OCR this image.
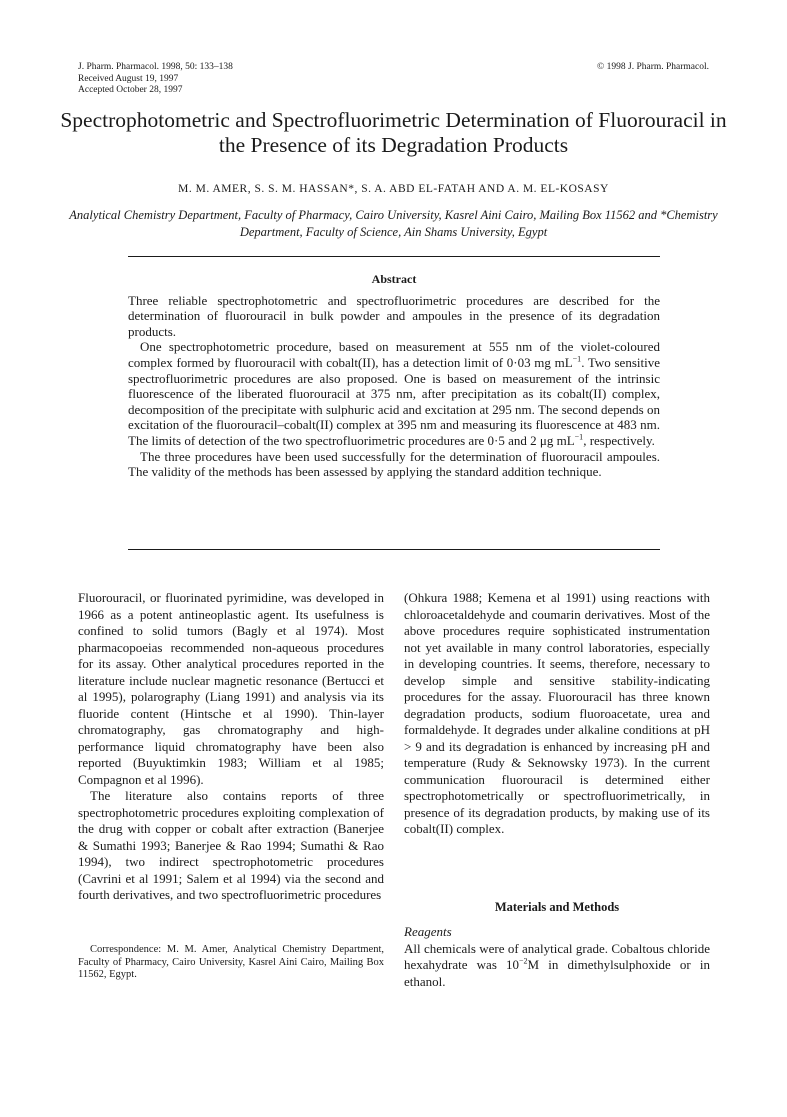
J. Pharm. Pharmacol. 1998, 50: 133–138
Received August 19, 1997
Accepted October 28, 1997
© 1998 J. Pharm. Pharmacol.
Spectrophotometric and Spectrofluorimetric Determination of Fluorouracil in the Presence of its Degradation Products
M. M. AMER, S. S. M. HASSAN*, S. A. ABD EL-FATAH AND A. M. EL-KOSASY
Analytical Chemistry Department, Faculty of Pharmacy, Cairo University, Kasrel Aini Cairo, Mailing Box 11562 and *Chemistry Department, Faculty of Science, Ain Shams University, Egypt
Abstract

Three reliable spectrophotometric and spectrofluorimetric procedures are described for the determination of fluorouracil in bulk powder and ampoules in the presence of its degradation products.

One spectrophotometric procedure, based on measurement at 555 nm of the violet-coloured complex formed by fluorouracil with cobalt(II), has a detection limit of 0·03 mg $mL^{-1}$. Two sensitive spectrofluorimetric procedures are also proposed. One is based on measurement of the intrinsic fluorescence of the liberated fluorouracil at 375 nm, after precipitation as its cobalt(II) complex, decomposition of the precipitate with sulphuric acid and excitation at 295 nm. The second depends on excitation of the fluorouracil–cobalt(II) complex at 395 nm and measuring its fluorescence at 483 nm. The limits of detection of the two spectrofluorimetric procedures are 0·5 and 2 μg $mL^{-1}$, respectively.

The three procedures have been used successfully for the determination of fluorouracil ampoules. The validity of the methods has been assessed by applying the standard addition technique.

Fluorouracil, or fluorinated pyrimidine, was developed in 1966 as a potent antineoplastic agent. Its usefulness is confined to solid tumors (Bagly et al 1974). Most pharmacopoeias recommended non-aqueous procedures for its assay. Other analytical procedures reported in the literature include nuclear magnetic resonance (Bertucci et al 1995), polarography (Liang 1991) and analysis via its fluoride content (Hintsche et al 1990). Thin-layer chromatography, gas chromatography and high-performance liquid chromatography have been also reported (Buyuktimkin 1983; William et al 1985; Compagnon et al 1996).

The literature also contains reports of three spectrophotometric procedures exploiting complexation of the drug with copper or cobalt after extraction (Banerjee & Sumathi 1993; Banerjee & Rao 1994; Sumathi & Rao 1994), two indirect spectrophotometric procedures (Cavrini et al 1991; Salem et al 1994) via the second and fourth derivatives, and two spectrofluorimetric procedures

Correspondence: M. M. Amer, Analytical Chemistry Department, Faculty of Pharmacy, Cairo University, Kasrel Aini Cairo, Mailing Box 11562, Egypt.

(Ohkura 1988; Kemena et al 1991) using reactions with chloroacetaldehyde and coumarin derivatives. Most of the above procedures require sophisticated instrumentation not yet available in many control laboratories, especially in developing countries. It seems, therefore, necessary to develop simple and sensitive stability-indicating procedures for the assay. Fluorouracil has three known degradation products, sodium fluoroacetate, urea and formaldehyde. It degrades under alkaline conditions at pH > 9 and its degradation is enhanced by increasing pH and temperature (Rudy & Seknowsky 1973). In the current communication fluorouracil is determined either spectrophotometrically or spectrofluorimetrically, in presence of its degradation products, by making use of its cobalt(II) complex.

Materials and Methods
Reagents

All chemicals were of analytical grade. Cobaltous chloride hexahydrate was $10^{-2}M$ in dimethylsulphoxide or in ethanol.
